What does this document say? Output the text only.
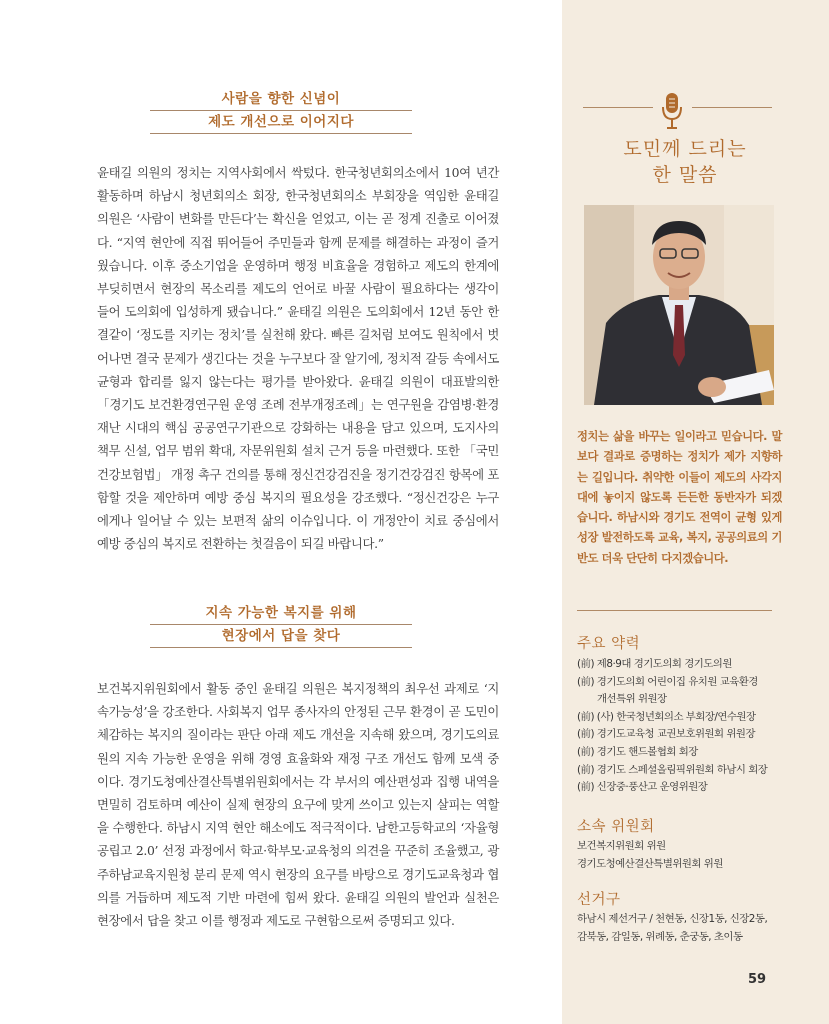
사람을 향한 신념이
제도 개선으로 이어지다
윤태길 의원의 정치는 지역사회에서 싹텄다. 한국청년회의소에서 10여 년간 활동하며 하남시 청년회의소 회장, 한국청년회의소 부회장을 역임한 윤태길 의원은 ‘사람이 변화를 만든다’는 확신을 얻었고, 이는 곧 정계 진출로 이어졌다. “지역 현안에 직접 뛰어들어 주민들과 함께 문제를 해결하는 과정이 즐거웠습니다. 이후 중소기업을 운영하며 행정 비효율을 경험하고 제도의 한계에 부딪히면서 현장의 목소리를 제도의 언어로 바꿀 사람이 필요하다는 생각이 들어 도의회에 입성하게 됐습니다.” 윤태길 의원은 도의회에서 12년 동안 한결같이 ‘정도를 지키는 정치’를 실천해 왔다. 빠른 길처럼 보여도 원칙에서 벗어나면 결국 문제가 생긴다는 것을 누구보다 잘 알기에, 정치적 갈등 속에서도 균형과 합리를 잃지 않는다는 평가를 받아왔다. 윤태길 의원이 대표발의한 「경기도 보건환경연구원 운영 조례 전부개정조례」는 연구원을 감염병·환경재난 시대의 핵심 공공연구기관으로 강화하는 내용을 담고 있으며, 도지사의 책무 신설, 업무 범위 확대, 자문위원회 설치 근거 등을 마련했다. 또한 「국민건강보험법」 개정 촉구 건의를 통해 정신건강검진을 정기건강검진 항목에 포함할 것을 제안하며 예방 중심 복지의 필요성을 강조했다. “정신건강은 누구에게나 일어날 수 있는 보편적 삶의 이슈입니다. 이 개정안이 치료 중심에서 예방 중심의 복지로 전환하는 첫걸음이 되길 바랍니다.”
지속 가능한 복지를 위해
현장에서 답을 찾다
보건복지위원회에서 활동 중인 윤태길 의원은 복지정책의 최우선 과제로 ‘지속가능성’을 강조한다. 사회복지 업무 종사자의 안정된 근무 환경이 곧 도민이 체감하는 복지의 질이라는 판단 아래 제도 개선을 지속해 왔으며, 경기도의료원의 지속 가능한 운영을 위해 경영 효율화와 재정 구조 개선도 함께 모색 중이다. 경기도청예산결산특별위원회에서는 각 부서의 예산편성과 집행 내역을 면밀히 검토하며 예산이 실제 현장의 요구에 맞게 쓰이고 있는지 살피는 역할을 수행한다. 하남시 지역 현안 해소에도 적극적이다. 남한고등학교의 ‘자율형 공립고 2.0’ 선정 과정에서 학교·학부모·교육청의 의견을 꾸준히 조율했고, 광주하남교육지원청 분리 문제 역시 현장의 요구를 바탕으로 경기도교육청과 협의를 거듭하며 제도적 기반 마련에 힘써 왔다. 윤태길 의원의 발언과 실천은 현장에서 답을 찾고 이를 행정과 제도로 구현함으로써 증명되고 있다.
도민께 드리는
한 말씀
정치는 삶을 바꾸는 일이라고 믿습니다. 말보다 결과로 증명하는 정치가 제가 지향하는 길입니다. 취약한 이들이 제도의 사각지대에 놓이지 않도록 든든한 동반자가 되겠습니다. 하남시와 경기도 전역이 균형 있게 성장 발전하도록 교육, 복지, 공공의료의 기반도 더욱 단단히 다지겠습니다.
주요 약력
(前) 제8·9대 경기도의회 경기도의원
(前) 경기도의회 어린이집 유치원 교육환경
개선특위 위원장
(前) (사) 한국청년회의소 부회장/연수원장
(前) 경기도교육청 교권보호위원회 위원장
(前) 경기도 핸드볼협회 회장
(前) 경기도 스페셜올림픽위원회 하남시 회장
(前) 신장중·풍산고 운영위원장
소속 위원회
보건복지위원회 위원
경기도청예산결산특별위원회 위원
선거구
하남시 제선거구 / 천현동, 신장1동, 신장2동,
감북동, 감일동, 위례동, 춘궁동, 초이동
59
